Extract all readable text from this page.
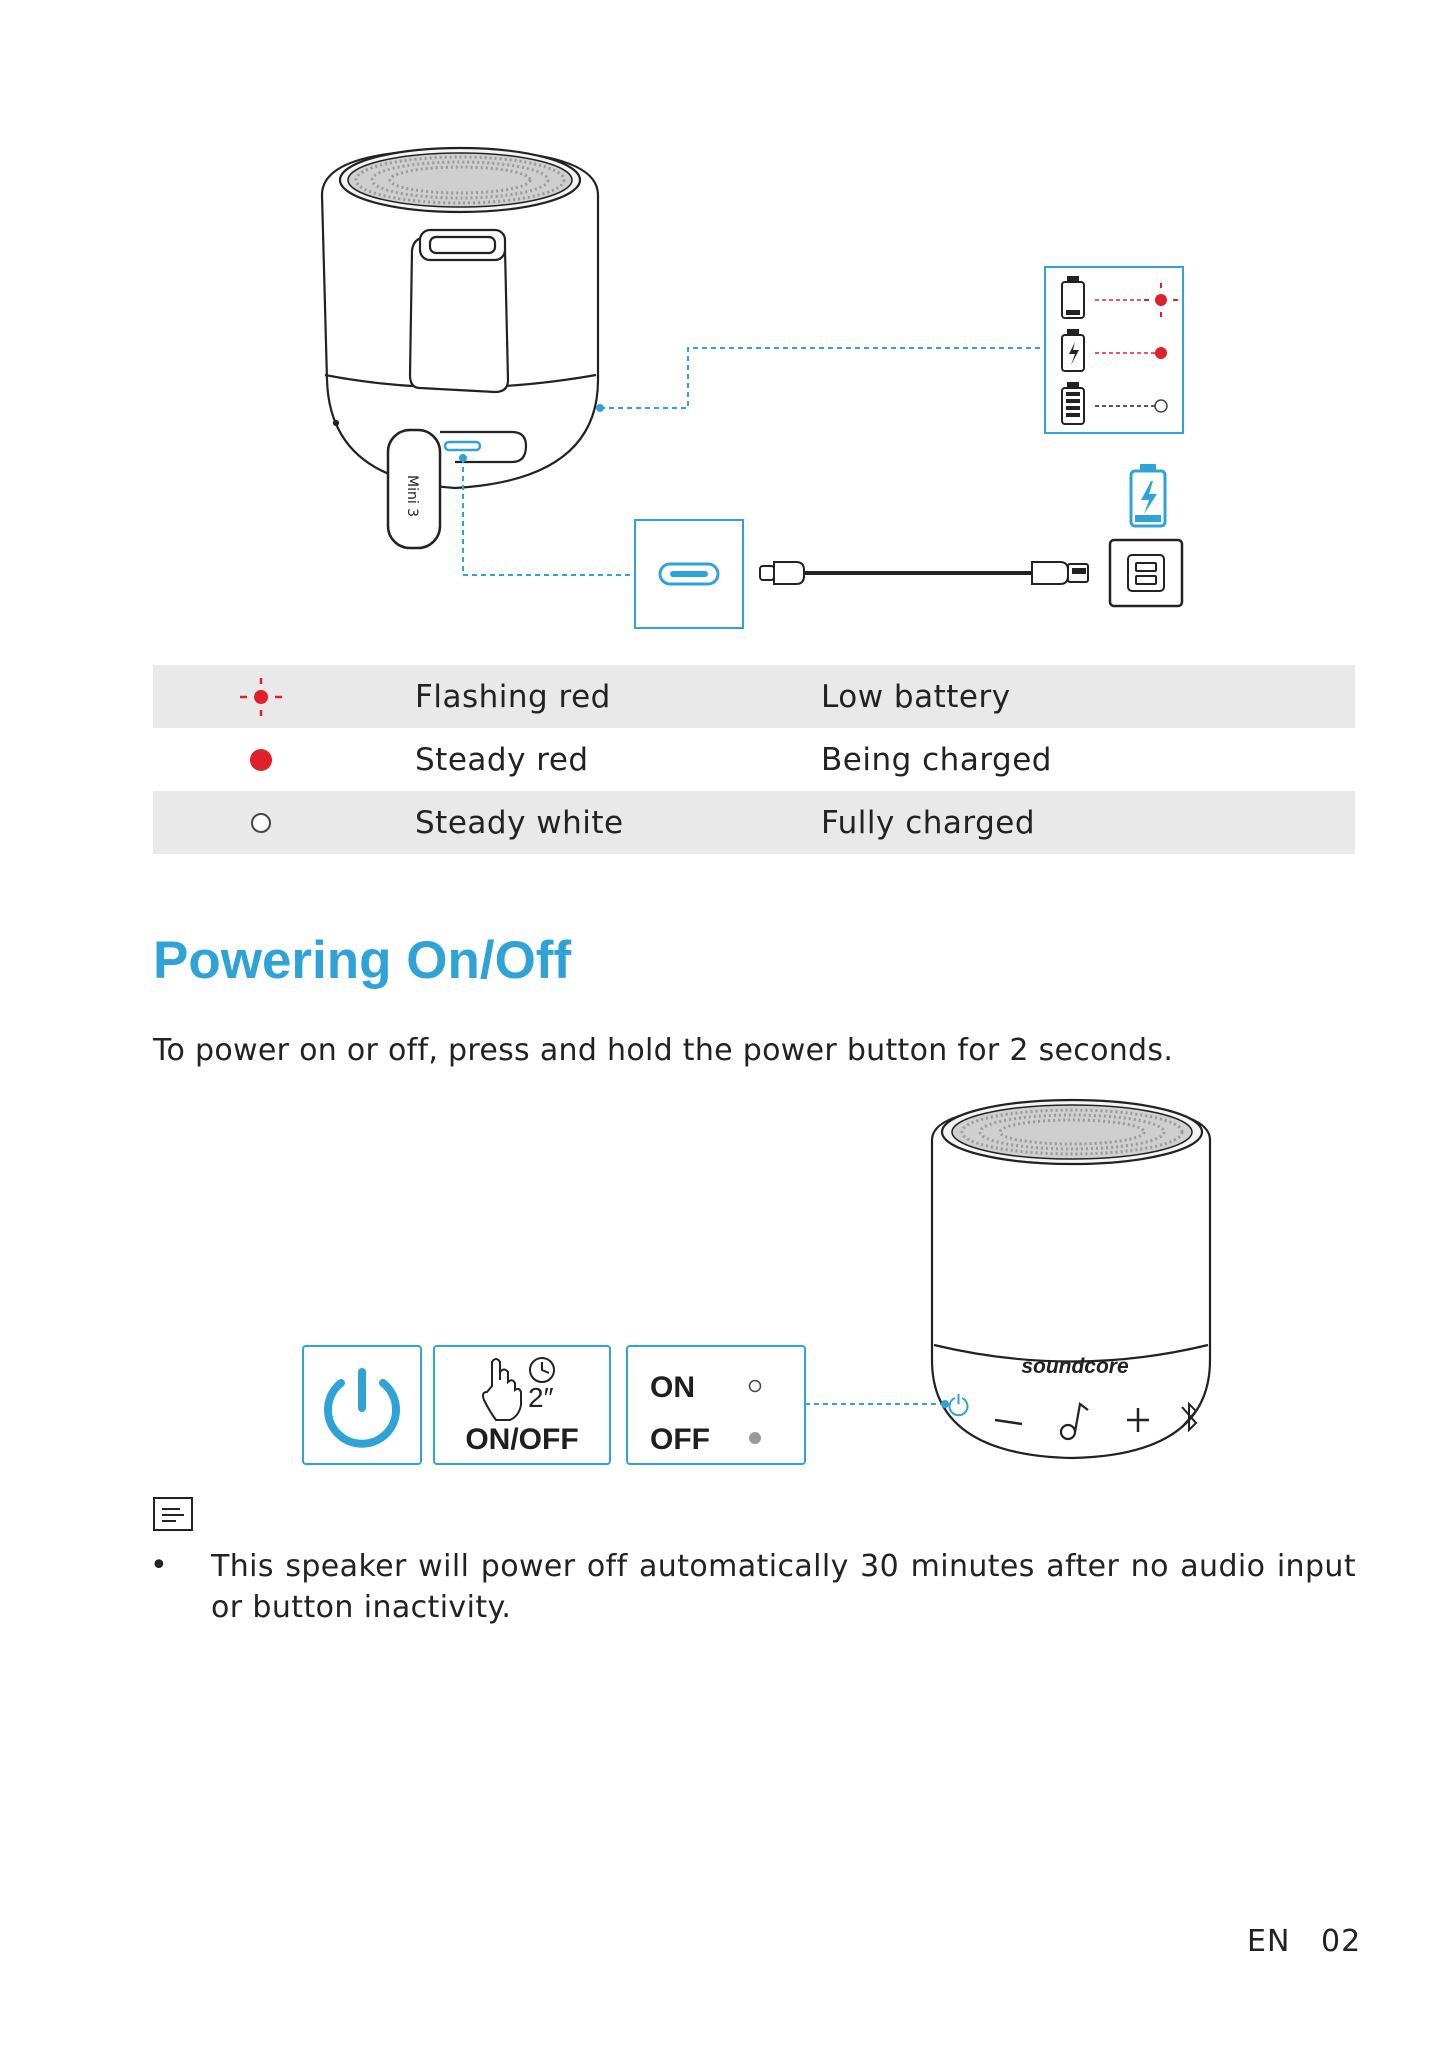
Mini 3
Flashing red	Low battery
Steady red	Being charged
Steady white	Fully charged
Powering On/Off
To power on or off, press and hold the power button for 2 seconds.
soundcore
2″
ON/OFF
ON
OFF
• This speaker will power off automatically 30 minutes after no audio input or button inactivity.
EN 02
